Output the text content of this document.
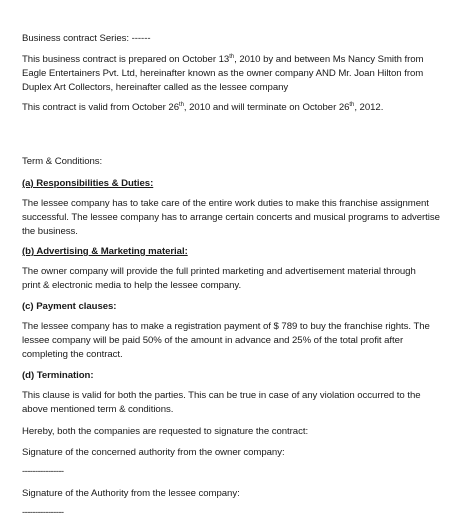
Business contract Series: ------
This business contract is prepared on October 13th, 2010 by and between Ms Nancy Smith from
Eagle Entertainers Pvt. Ltd, hereinafter known as the owner company AND Mr. Joan Hilton from
Duplex Art Collectors, hereinafter called as the lessee company
This contract is valid from October 26th, 2010 and will terminate on October 26th, 2012.
Term & Conditions:
(a) Responsibilities & Duties:
The lessee company has to take care of the entire work duties to make this franchise assignment
successful. The lessee company has to arrange certain concerts and musical programs to advertise
the business.
(b) Advertising & Marketing material:
The owner company will provide the full printed marketing and advertisement material through
print & electronic media to help the lessee company.
(c) Payment clauses:
The lessee company has to make a registration payment of $ 789 to buy the franchise rights. The
lessee company will be paid 50% of the amount in advance and 25% of the total profit after
completing the contract.
(d) Termination:
This clause is valid for both the parties. This can be true in case of any violation occurred to the
above mentioned term & conditions.
Hereby, both the companies are requested to signature the contract:
Signature of the concerned authority from the owner company:
----------------
Signature of the Authority from the lessee company:
----------------
